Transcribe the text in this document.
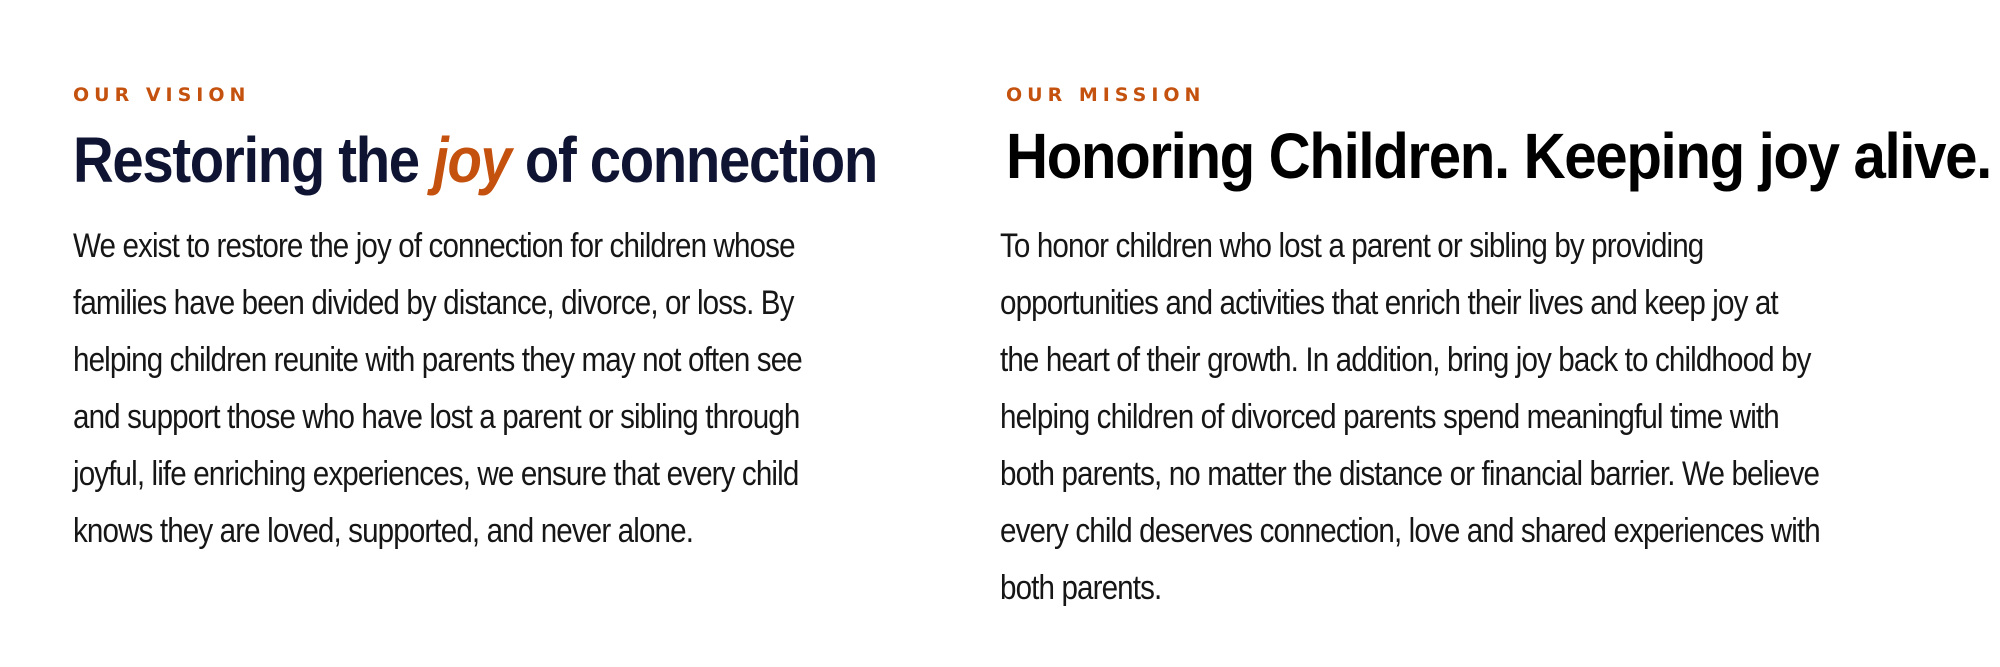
OUR VISION

Restoring the joy of connection

We exist to restore the joy of connection for children whose
families have been divided by distance, divorce, or loss. By
helping children reunite with parents they may not often see
and support those who have lost a parent or sibling through
joyful, life enriching experiences, we ensure that every child
knows they are loved, supported, and never alone.

OUR MISSION

Honoring Children. Keeping joy alive.

To honor children who lost a parent or sibling by providing
opportunities and activities that enrich their lives and keep joy at
the heart of their growth. In addition, bring joy back to childhood by
helping children of divorced parents spend meaningful time with
both parents, no matter the distance or financial barrier. We believe
every child deserves connection, love and shared experiences with
both parents.
